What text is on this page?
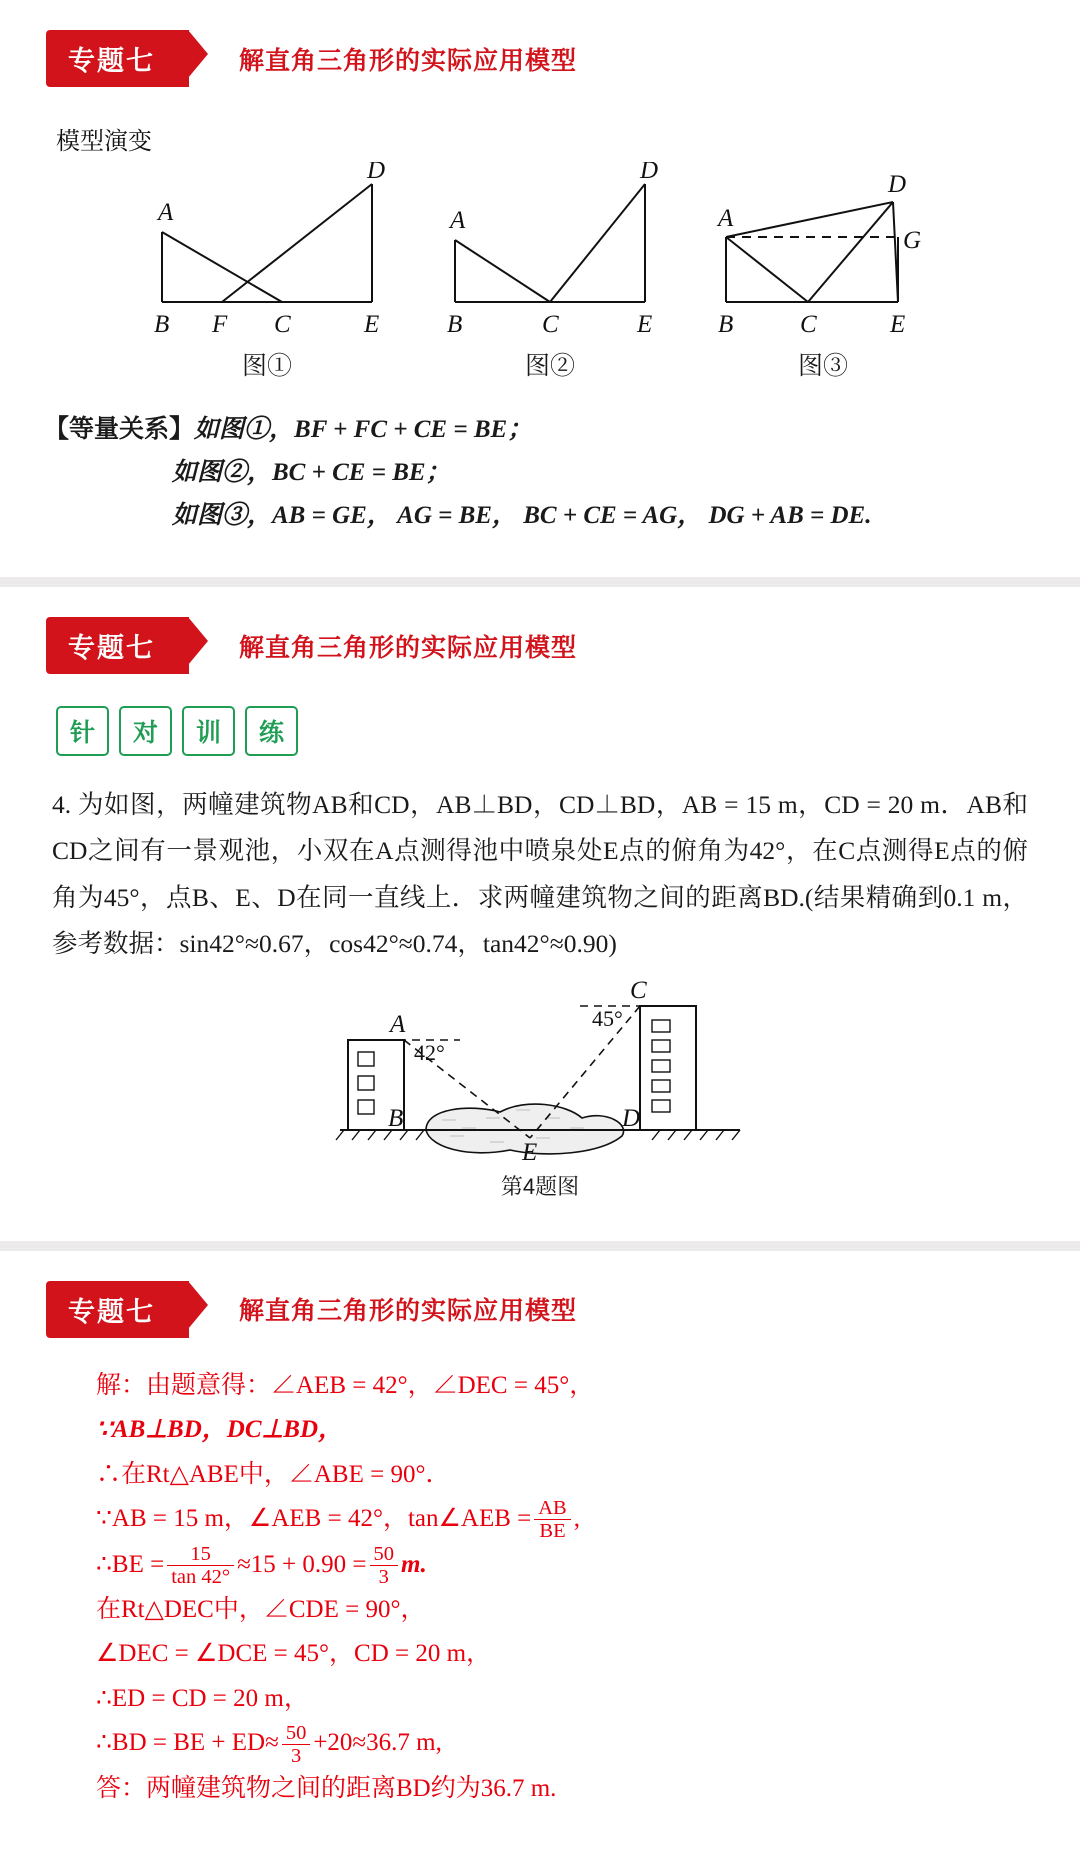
专题七	解直角三角形的实际应用模型
模型演变
A
D
B F C	E
图①
A
D
B	C	E
图②
A
D
G
B	C	E
图③
【等量关系】如图①，BF + FC + CE = BE；
如图②，BC + CE = BE；
如图③，AB = GE， AG = BE， BC + CE = AG， DG + AB = DE.
专题七	解直角三角形的实际应用模型
针	对	训	练
4. 为如图，两幢建筑物AB和CD，AB⊥BD，CD⊥BD，AB = 15 m，CD = 20 m．AB和CD之间有一景观池，小双在A点测得池中喷泉处E点的俯角为42°，在C点测得E点的俯角为45°，点B、E、D在同一直线上．求两幢建筑物之间的距离BD.(结果精确到0.1 m，参考数据：sin42°≈0.67，cos42°≈0.74，tan42°≈0.90)
A
C
B	D
E
42°
45°
第4题图
专题七	解直角三角形的实际应用模型
解：由题意得：∠AEB = 42°，∠DEC = 45°，
∵AB⊥BD，DC⊥BD，
∴在Rt△ABE中，∠ABE = 90°．
∵AB = 15 m，∠AEB = 42°，tan∠AEB = $\frac{AB}{BE}$ ,
∴BE = $\frac{15}{\tan 42^\circ} \approx 15 + 0.90 = \frac{50}{3} m$.
在Rt△DEC中，∠CDE = 90°，
∠DEC = ∠DCE = 45°，CD = 20 m，
∴ED = CD = 20 m，
∴BD = BE + $ED\approx \frac{50}{3} +20\approx 36.7$ m,
答：两幢建筑物之间的距离BD约为36.7 m.
